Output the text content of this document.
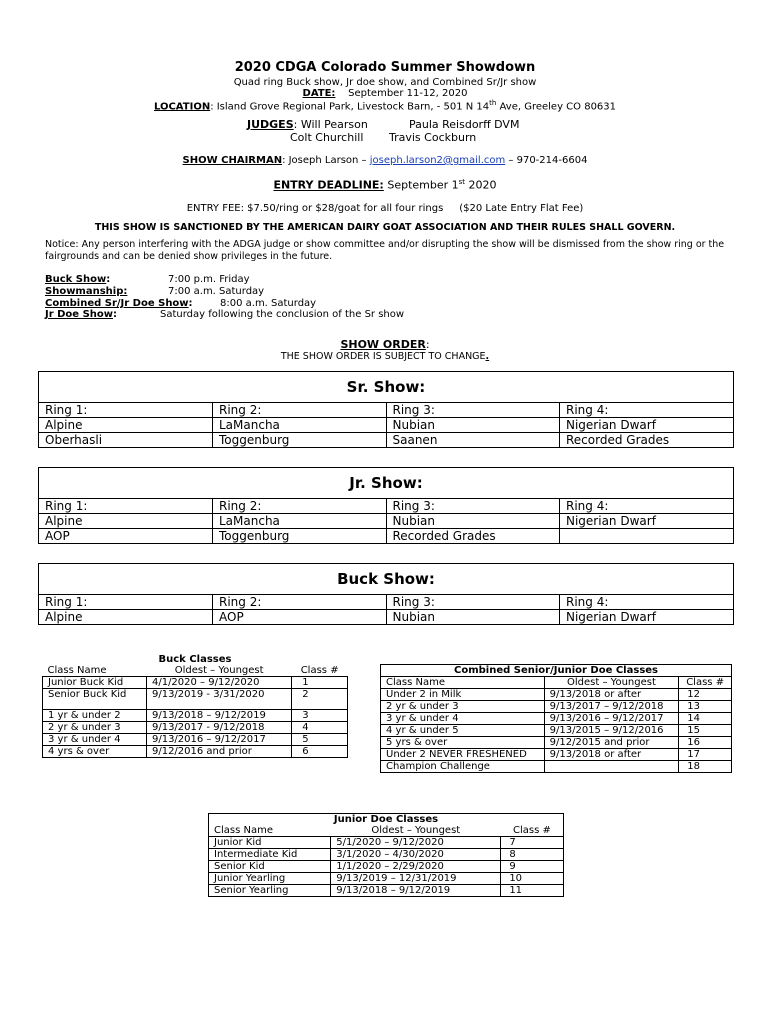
2020 CDGA Colorado Summer Showdown
Quad ring Buck show, Jr doe show, and Combined Sr/Jr show
DATE: September 11-12, 2020
LOCATION: Island Grove Regional Park, Livestock Barn, - 501 N 14th Ave, Greeley CO 80631
JUDGES: Will Pearson	Paula Reisdorff DVM
Colt Churchill Travis Cockburn
SHOW CHAIRMAN: Joseph Larson – joseph.larson2@gmail.com – 970-214-6604
ENTRY DEADLINE: September 1st 2020
ENTRY FEE: $7.50/ring or $28/goat for all four rings     ($20 Late Entry Flat Fee)
THIS SHOW IS SANCTIONED BY THE AMERICAN DAIRY GOAT ASSOCIATION AND THEIR RULES SHALL GOVERN.
Notice: Any person interfering with the ADGA judge or show committee and/or disrupting the show will be dismissed from the show ring or the fairgrounds and can be denied show privileges in the future.
Buck Show:	7:00 p.m. Friday
Showmanship:	7:00 a.m. Saturday
Combined Sr/Jr Doe Show:	8:00 a.m. Saturday
Jr Doe Show:	Saturday following the conclusion of the Sr show
SHOW ORDER:
THE SHOW ORDER IS SUBJECT TO CHANGE.
Sr. Show:
Ring 1:	Ring 2:	Ring 3:	Ring 4:
Alpine	LaMancha	Nubian	Nigerian Dwarf
Oberhasli	Toggenburg	Saanen	Recorded Grades
Jr. Show:
Ring 1:	Ring 2:	Ring 3:	Ring 4:
Alpine	LaMancha	Nubian	Nigerian Dwarf
AOP	Toggenburg	Recorded Grades	
Buck Show:
Ring 1:	Ring 2:	Ring 3:	Ring 4:
Alpine	AOP	Nubian	Nigerian Dwarf
Buck Classes		
Class Name	Oldest – Youngest	Class #
Junior Buck Kid	4/1/2020 – 9/12/2020	1
Senior Buck Kid	9/13/2019 - 3/31/2020	2
1 yr & under 2	9/13/2018 – 9/12/2019	3
2 yr & under 3	9/13/2017 - 9/12/2018	4
3 yr & under 4	9/13/2016 – 9/12/2017	5
4 yrs & over	9/12/2016 and prior	6
Combined Senior/Junior Doe Classes		
Class Name	Oldest – Youngest	Class #
Under 2 in Milk	9/13/2018 or after	12
2 yr & under 3	9/13/2017 – 9/12/2018	13
3 yr & under 4	9/13/2016 – 9/12/2017	14
4 yr & under 5	9/13/2015 – 9/12/2016	15
5 yrs & over	9/12/2015 and prior	16
Under 2 NEVER FRESHENED	9/13/2018 or after	17
Champion Challenge		18
Junior Doe Classes		
Class Name	Oldest – Youngest	Class #
Junior Kid	5/1/2020 – 9/12/2020	7
Intermediate Kid	3/1/2020 – 4/30/2020	8
Senior Kid	1/1/2020 – 2/29/2020	9
Junior Yearling	9/13/2019 – 12/31/2019	10
Senior Yearling	9/13/2018 – 9/12/2019	11
